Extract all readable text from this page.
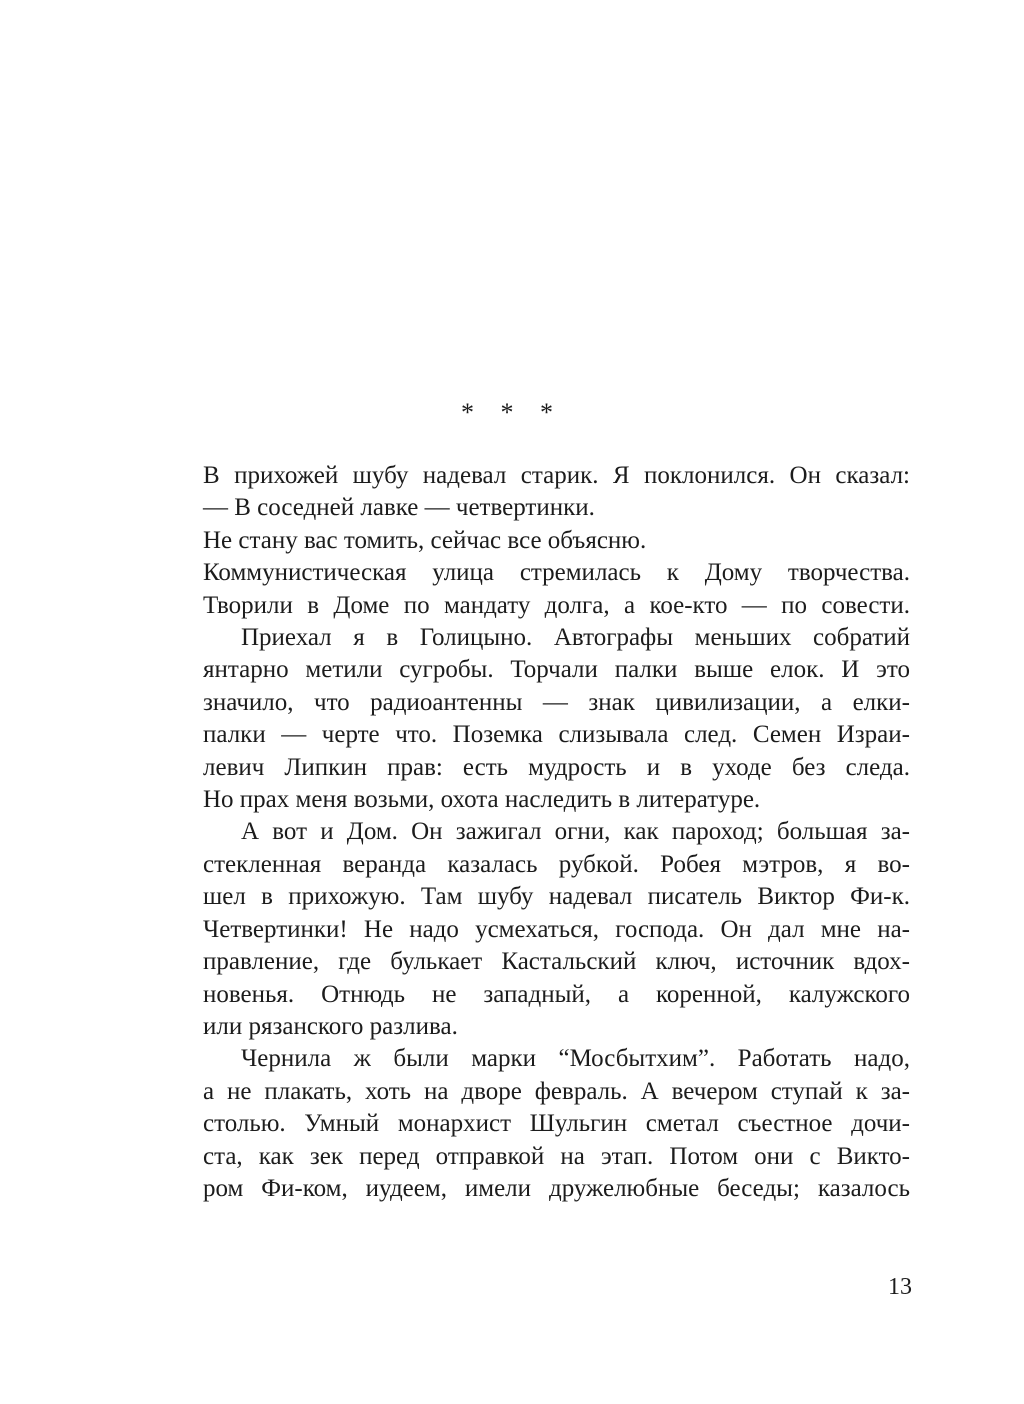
* * *
В прихожей шубу надевал старик. Я поклонился. Он сказал:
— В соседней лавке — четвертинки.
Не стану вас томить, сейчас все объясню.
Коммунистическая улица стремилась к Дому творчества.
Творили в Доме по мандату долга, а кое-кто — по совести.
Приехал я в Голицыно. Автографы меньших собратий
янтарно метили сугробы. Торчали палки выше елок. И это
значило, что радиоантенны — знак цивилизации, а елки-
палки — черте что. Поземка слизывала след. Семен Израи-
левич Липкин прав: есть мудрость и в уходе без следа.
Но прах меня возьми, охота наследить в литературе.
А вот и Дом. Он зажигал огни, как пароход; большая за-
стекленная веранда казалась рубкой. Робея мэтров, я во-
шел в прихожую. Там шубу надевал писатель Виктор Фи-к.
Четвертинки! Не надо усмехаться, господа. Он дал мне на-
правление, где булькает Кастальский ключ, источник вдох-
новенья. Отнюдь не западный, а коренной, калужского
или рязанского разлива.
Чернила ж были марки “Мосбытхим”. Работать надо,
а не плакать, хоть на дворе февраль. А вечером ступай к за-
столью. Умный монархист Шульгин сметал съестное дочи-
ста, как зек перед отправкой на этап. Потом они с Викто-
ром Фи-ком, иудеем, имели дружелюбные беседы; казалось
13
